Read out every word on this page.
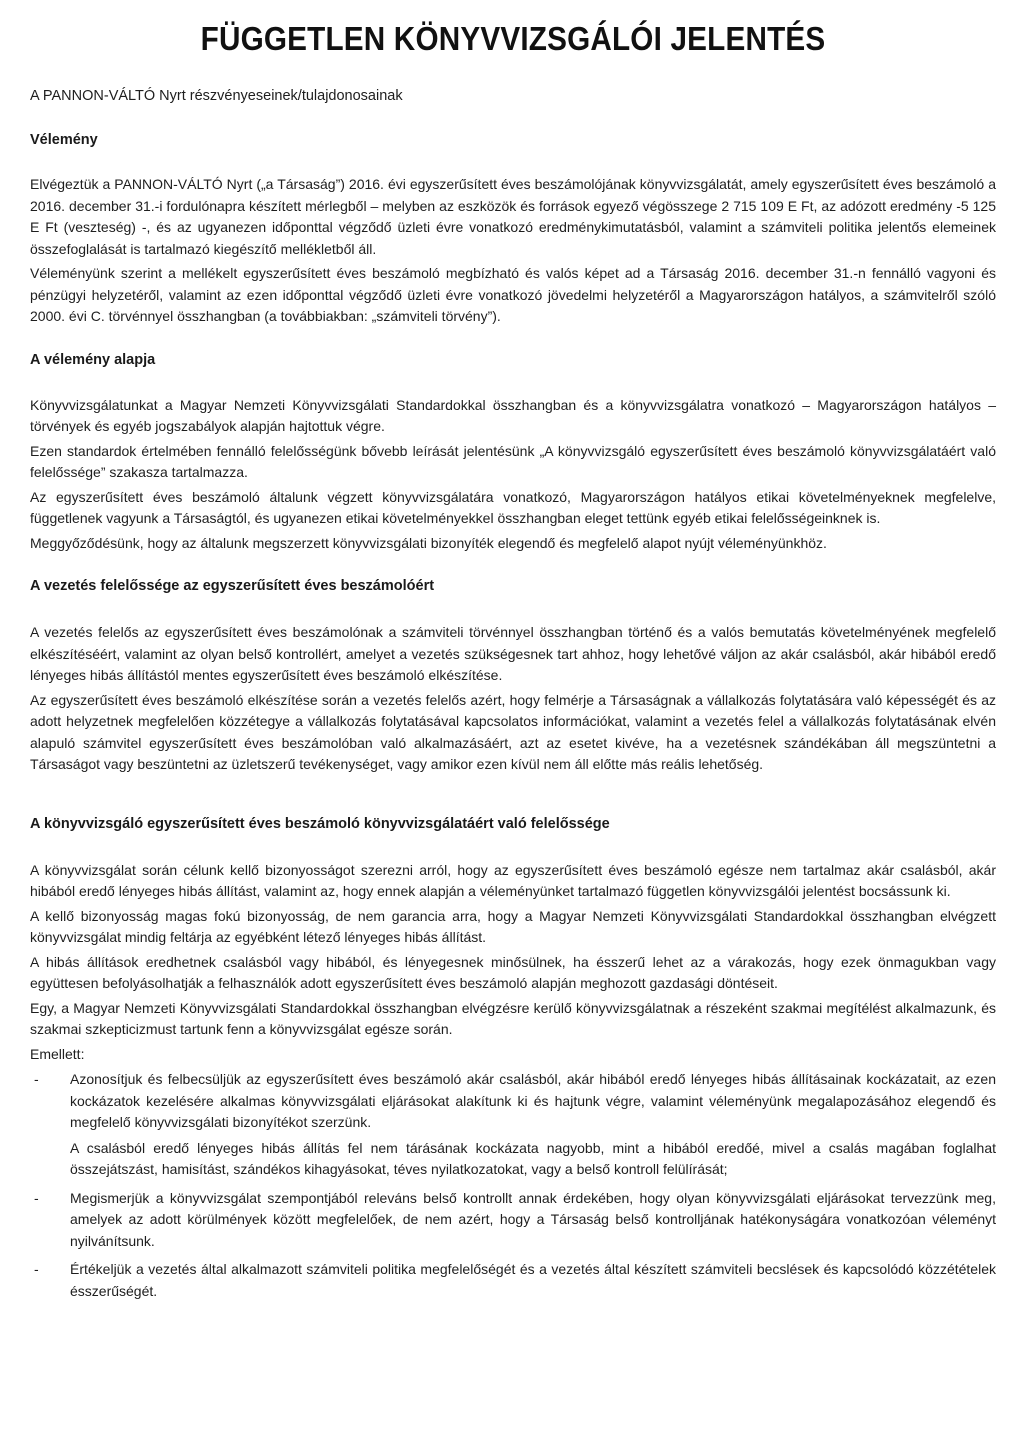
FÜGGETLEN KÖNYVVIZSGÁLÓI JELENTÉS
A PANNON-VÁLTÓ Nyrt részvényeseinek/tulajdonosainak
Vélemény

Elvégeztük a PANNON-VÁLTÓ Nyrt („a Társaság”) 2016. évi egyszerűsített éves beszámolójának könyvvizsgálatát, amely egyszerűsített éves beszámoló a 2016. december 31.-i fordulónapra készített mérlegből – melyben az eszközök és források egyező végösszege 2 715 109 E Ft, az adózott eredmény -5 125 E Ft (veszteség) -, és az ugyanezen időponttal végződő üzleti évre vonatkozó eredménykimutatásból, valamint a számviteli politika jelentős elemeinek összefoglalását is tartalmazó kiegészítő mellékletből áll.

Véleményünk szerint a mellékelt egyszerűsített éves beszámoló megbízható és valós képet ad a Társaság 2016. december 31.-n fennálló vagyoni és pénzügyi helyzetéről, valamint az ezen időponttal végződő üzleti évre vonatkozó jövedelmi helyzetéről a Magyarországon hatályos, a számvitelről szóló 2000. évi C. törvénnyel összhangban (a továbbiakban: „számviteli törvény”).

A vélemény alapja

Könyvvizsgálatunkat a Magyar Nemzeti Könyvvizsgálati Standardokkal összhangban és a könyvvizsgálatra vonatkozó – Magyarországon hatályos – törvények és egyéb jogszabályok alapján hajtottuk végre.

Ezen standardok értelmében fennálló felelősségünk bővebb leírását jelentésünk „A könyvvizsgáló egyszerűsített éves beszámoló könyvvizsgálatáért való felelőssége” szakasza tartalmazza.

Az egyszerűsített éves beszámoló általunk végzett könyvvizsgálatára vonatkozó, Magyarországon hatályos etikai követelményeknek megfelelve, függetlenek vagyunk a Társaságtól, és ugyanezen etikai követelményekkel összhangban eleget tettünk egyéb etikai felelősségeinknek is.

Meggyőződésünk, hogy az általunk megszerzett könyvvizsgálati bizonyíték elegendő és megfelelő alapot nyújt véleményünkhöz.

A vezetés felelőssége az egyszerűsített éves beszámolóért

A vezetés felelős az egyszerűsített éves beszámolónak a számviteli törvénnyel összhangban történő és a valós bemutatás követelményének megfelelő elkészítéséért, valamint az olyan belső kontrollért, amelyet a vezetés szükségesnek tart ahhoz, hogy lehetővé váljon az akár csalásból, akár hibából eredő lényeges hibás állítástól mentes egyszerűsített éves beszámoló elkészítése.

Az egyszerűsített éves beszámoló elkészítése során a vezetés felelős azért, hogy felmérje a Társaságnak a vállalkozás folytatására való képességét és az adott helyzetnek megfelelően közzétegye a vállalkozás folytatásával kapcsolatos információkat, valamint a vezetés felel a vállalkozás folytatásának elvén alapuló számvitel egyszerűsített éves beszámolóban való alkalmazásáért, azt az esetet kivéve, ha a vezetésnek szándékában áll megszüntetni a Társaságot vagy beszüntetni az üzletszerű tevékenységet, vagy amikor ezen kívül nem áll előtte más reális lehetőség.

A könyvvizsgáló egyszerűsített éves beszámoló könyvvizsgálatáért való felelőssége

A könyvvizsgálat során célunk kellő bizonyosságot szerezni arról, hogy az egyszerűsített éves beszámoló egésze nem tartalmaz akár csalásból, akár hibából eredő lényeges hibás állítást, valamint az, hogy ennek alapján a véleményünket tartalmazó független könyvvizsgálói jelentést bocsássunk ki.

A kellő bizonyosság magas fokú bizonyosság, de nem garancia arra, hogy a Magyar Nemzeti Könyvvizsgálati Standardokkal összhangban elvégzett könyvvizsgálat mindig feltárja az egyébként létező lényeges hibás állítást.

A hibás állítások eredhetnek csalásból vagy hibából, és lényegesnek minősülnek, ha ésszerű lehet az a várakozás, hogy ezek önmagukban vagy együttesen befolyásolhatják a felhasználók adott egyszerűsített éves beszámoló alapján meghozott gazdasági döntéseit.

Egy, a Magyar Nemzeti Könyvvizsgálati Standardokkal összhangban elvégzésre kerülő könyvvizsgálatnak a részeként szakmai megítélést alkalmazunk, és szakmai szkepticizmust tartunk fenn a könyvvizsgálat egésze során.

Emellett:

- Azonosítjuk és felbecsüljük az egyszerűsített éves beszámoló akár csalásból, akár hibából eredő lényeges hibás állításainak kockázatait, az ezen kockázatok kezelésére alkalmas könyvvizsgálati eljárásokat alakítunk ki és hajtunk végre, valamint véleményünk megalapozásához elegendő és megfelelő könyvvizsgálati bizonyítékot szerzünk.
A csalásból eredő lényeges hibás állítás fel nem tárásának kockázata nagyobb, mint a hibából eredőé, mivel a csalás magában foglalhat összejátszást, hamisítást, szándékos kihagyásokat, téves nyilatkozatokat, vagy a belső kontroll felülírását;
- Megismerjük a könyvvizsgálat szempontjából releváns belső kontrollt annak érdekében, hogy olyan könyvvizsgálati eljárásokat tervezzünk meg, amelyek az adott körülmények között megfelelőek, de nem azért, hogy a Társaság belső kontrolljának hatékonyságára vonatkozóan véleményt nyilvánítsunk.
- Értékeljük a vezetés által alkalmazott számviteli politika megfelelőségét és a vezetés által készített számviteli becslések és kapcsolódó közzétételek ésszerűségét.
